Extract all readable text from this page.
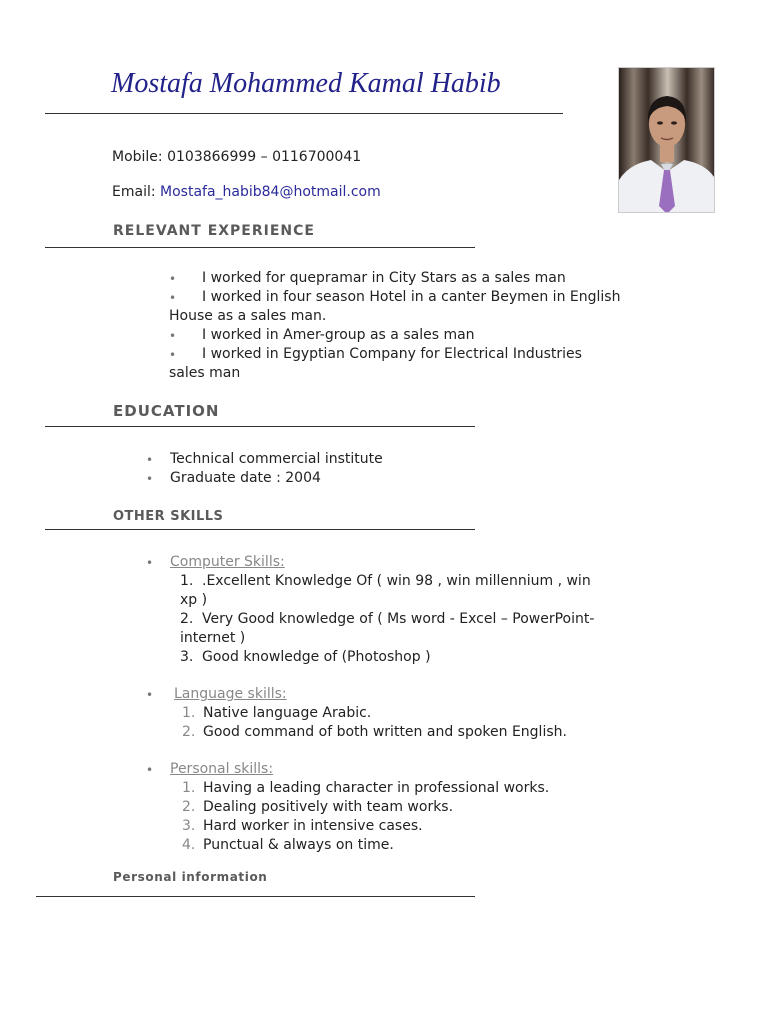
Mostafa Mohammed Kamal Habib
Mobile: 0103866999 – 0116700041
Email: Mostafa_habib84@hotmail.com
RELEVANT EXPERIENCE
• I worked for quepramar in City Stars as a sales man
• I worked in four season Hotel in a canter Beymen in English
House as a sales man.
• I worked in Amer-group as a sales man
• I worked in Egyptian Company for Electrical Industries
sales man
EDUCATION
• Technical commercial institute
• Graduate date : 2004
OTHER SKILLS
• Computer Skills:
1. .Excellent Knowledge Of ( win 98 , win millennium , win
xp )
2. Very Good knowledge of ( Ms word - Excel – PowerPoint-
internet )
3. Good knowledge of (Photoshop )
• Language skills:
1. Native language Arabic.
2. Good command of both written and spoken English.
• Personal skills:
1. Having a leading character in professional works.
2. Dealing positively with team works.
3. Hard worker in intensive cases.
4. Punctual & always on time.
Personal information
